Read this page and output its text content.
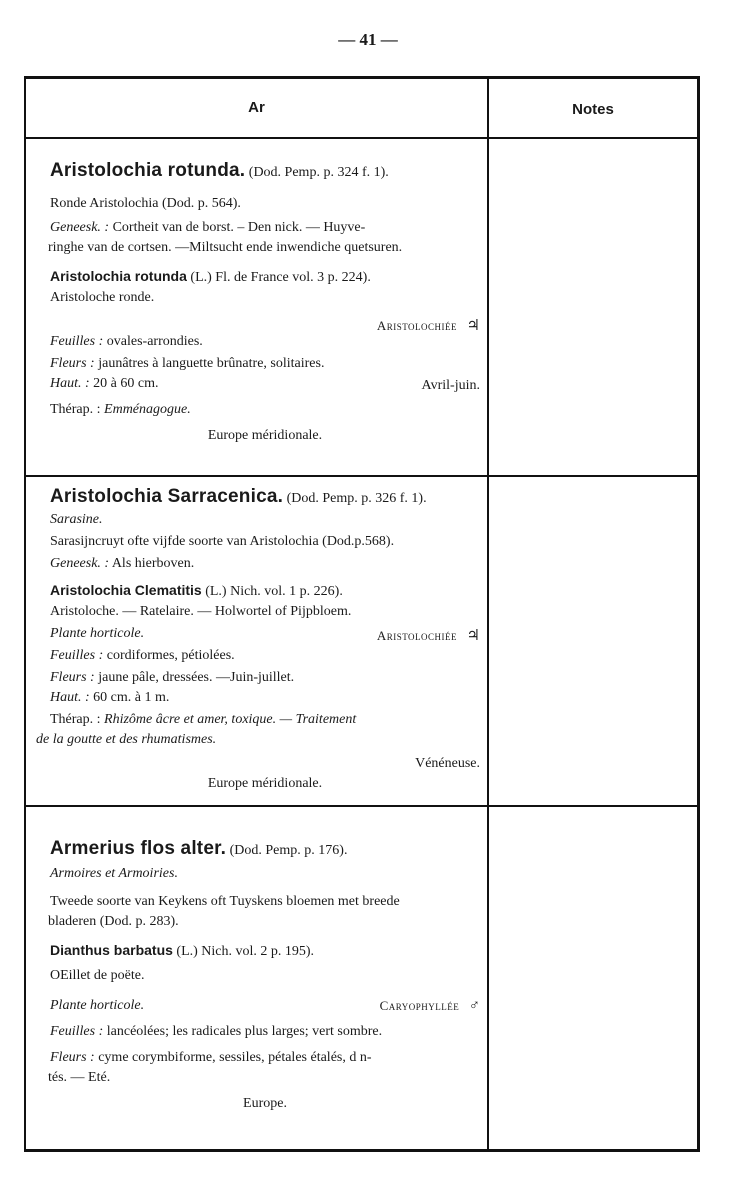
— 41 —
Ar	Notes
Aristolochia rotunda. (Dod. Pemp. p. 324 f. 1).
Ronde Aristolochia (Dod. p. 564).
Geneesk. : Cortheit van de borst. – Den nick. — Huyve-
ringhe van de cortsen. —Miltsucht ende inwendiche quetsuren.
Aristolochia rotunda (L.) Fl. de France vol. 3 p. 224).
Aristoloche ronde.
Aristolochiée ♃
Feuilles : ovales-arrondies.
Fleurs : jaunâtres à languette brûnatre, solitaires.
Haut. : 20 à 60 cm.	Avril-juin.
Thérap. : Emménagogue.
Europe méridionale.
Aristolochia Sarracenica. (Dod. Pemp. p. 326 f. 1).
Sarasine.
Sarasijncruyt ofte vijfde soorte van Aristolochia (Dod.p.568).
Geneesk. : Als hierboven.
Aristolochia Clematitis (L.) Nich. vol. 1 p. 226).
Aristoloche. — Ratelaire. — Holwortel of Pijpbloem.
Plante horticole.	Aristolochiée ♃
Feuilles : cordiformes, pétiolées.
Fleurs : jaune pâle, dressées. —Juin-juillet.
Haut. : 60 cm. à 1 m.
Thérap. : Rhizôme âcre et amer, toxique. — Traitement
de la goutte et des rhumatismes.
Vénéneuse.
Europe méridionale.
Armerius flos alter. (Dod. Pemp. p. 176).
Armoires et Armoiries.
Tweede soorte van Keykens oft Tuyskens bloemen met breede
bladeren (Dod. p. 283).
Dianthus barbatus (L.) Nich. vol. 2 p. 195).
OEillet de poëte.
Plante horticole.	Caryophyllée ♂
Feuilles : lancéolées; les radicales plus larges; vert sombre.
Fleurs : cyme corymbiforme, sessiles, pétales étalés, d n-
tés. — Eté.
Europe.
